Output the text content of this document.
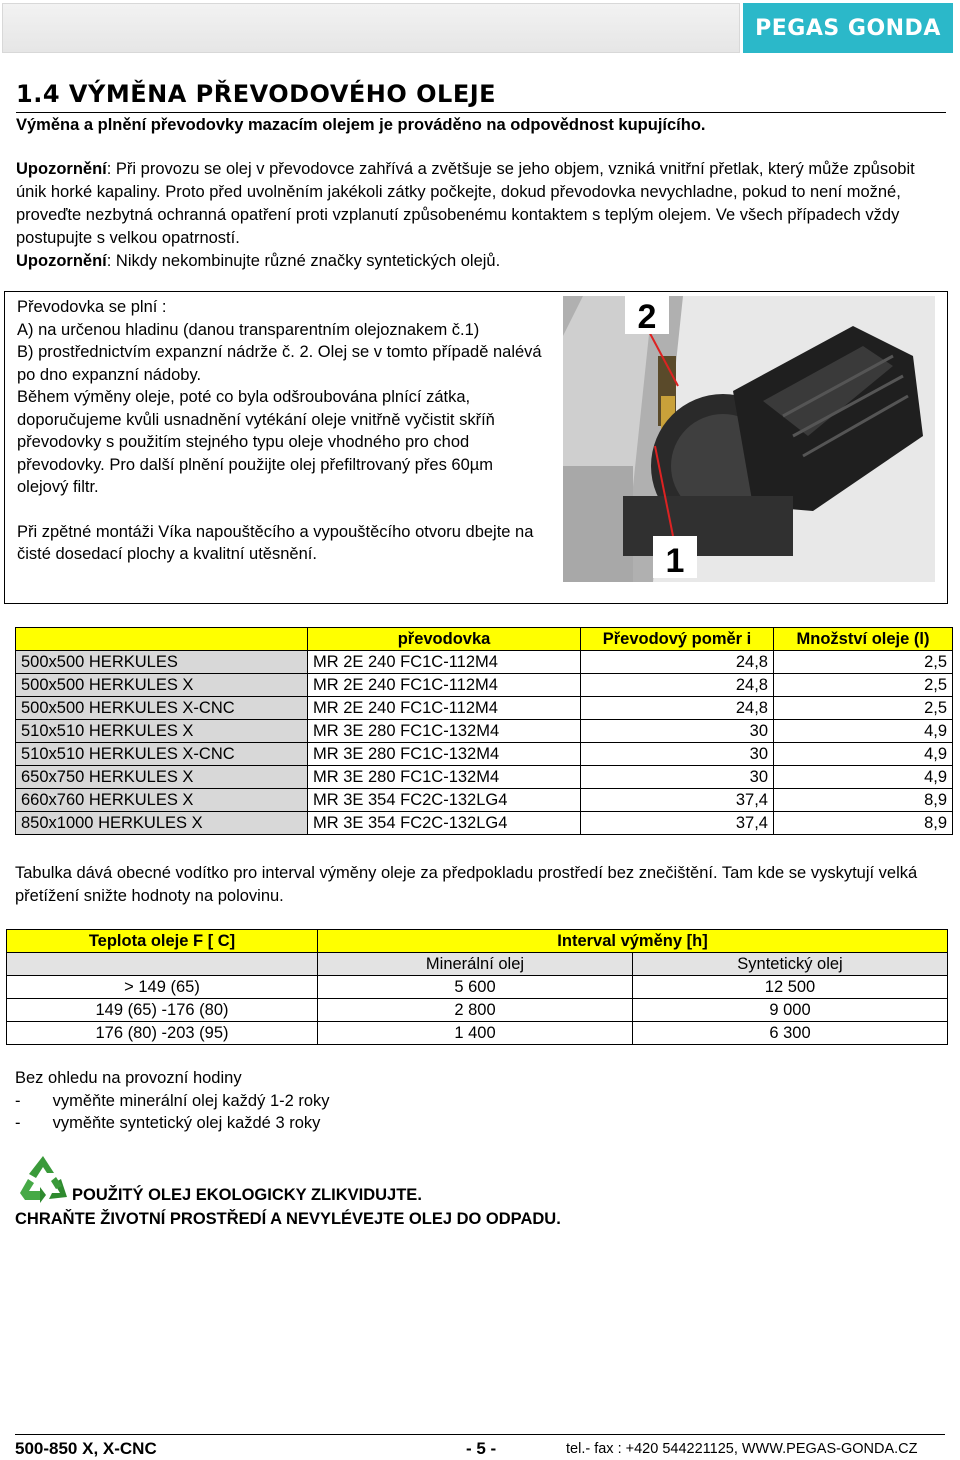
PEGAS GONDA
1.4 VÝMĚNA PŘEVODOVÉHO OLEJE
Výměna a plnění převodovky mazacím olejem je prováděno na odpovědnost kupujícího.
Upozornění: Při provozu se olej v převodovce zahřívá a zvětšuje se jeho objem, vzniká vnitřní přetlak, který může způsobit únik horké kapaliny. Proto před uvolněním jakékoli zátky počkejte, dokud převodovka nevychladne, pokud to není možné, proveďte nezbytná ochranná opatření proti vzplanutí způsobenému kontaktem s teplým olejem. Ve všech případech vždy postupujte s velkou opatrností.
Upozornění: Nikdy nekombinujte různé značky syntetických olejů.

Převodovka se plní :

A) na určenou hladinu (danou transparentním olejoznakem č.1)

B) prostřednictvím expanzní nádrže č. 2. Olej se v tomto případě nalévá po dno expanzní nádoby.

Během výměny oleje, poté co byla odšroubována plnící zátka, doporučujeme kvůli usnadnění vytékání oleje vnitřně vyčistit skříň převodovky s použitím stejného typu oleje vhodného pro chod převodovky. Pro další plnění použijte olej přefiltrovaný přes 60µm olejový filtr.

Při zpětné montáži Víka napouštěcího a vypouštěcího otvoru dbejte na čisté dosedací plochy a kvalitní utěsnění.

2
1
	převodovka	Převodový poměr i	Množství oleje (l)
500x500 HERKULES	MR 2E 240 FC1C-112M4	24,8	2,5
500x500 HERKULES X	MR 2E 240 FC1C-112M4	24,8	2,5
500x500 HERKULES X-CNC	MR 2E 240 FC1C-112M4	24,8	2,5
510x510 HERKULES X	MR 3E 280 FC1C-132M4	30	4,9
510x510 HERKULES X-CNC	MR 3E 280 FC1C-132M4	30	4,9
650x750 HERKULES X	MR 3E 280 FC1C-132M4	30	4,9
660x760 HERKULES X	MR 3E 354 FC2C-132LG4	37,4	8,9
850x1000 HERKULES X	MR 3E 354 FC2C-132LG4	37,4	8,9
Tabulka dává obecné vodítko pro interval výměny oleje za předpokladu prostředí bez znečištění. Tam kde se vyskytují velká přetížení snižte hodnoty na polovinu.
Teplota oleje F [ C]	Interval výměny [h]	
	Minerální olej	Syntetický olej
> 149 (65)	5 600	12 500
149 (65) -176 (80)	2 800	9 000
176 (80) -203 (95)	1 400	6 300
Bez ohledu na provozní hodiny
-       vyměňte minerální olej každý 1-2 roky
-       vyměňte syntetický olej každé 3 roky
POUŽITÝ OLEJ EKOLOGICKY ZLIKVIDUJTE.
CHRAŇTE ŽIVOTNÍ PROSTŘEDÍ A NEVYLÉVEJTE OLEJ DO ODPADU.
500-850 X, X-CNC	- 5 -	tel.- fax : +420 544221125, WWW.PEGAS-GONDA.CZ
